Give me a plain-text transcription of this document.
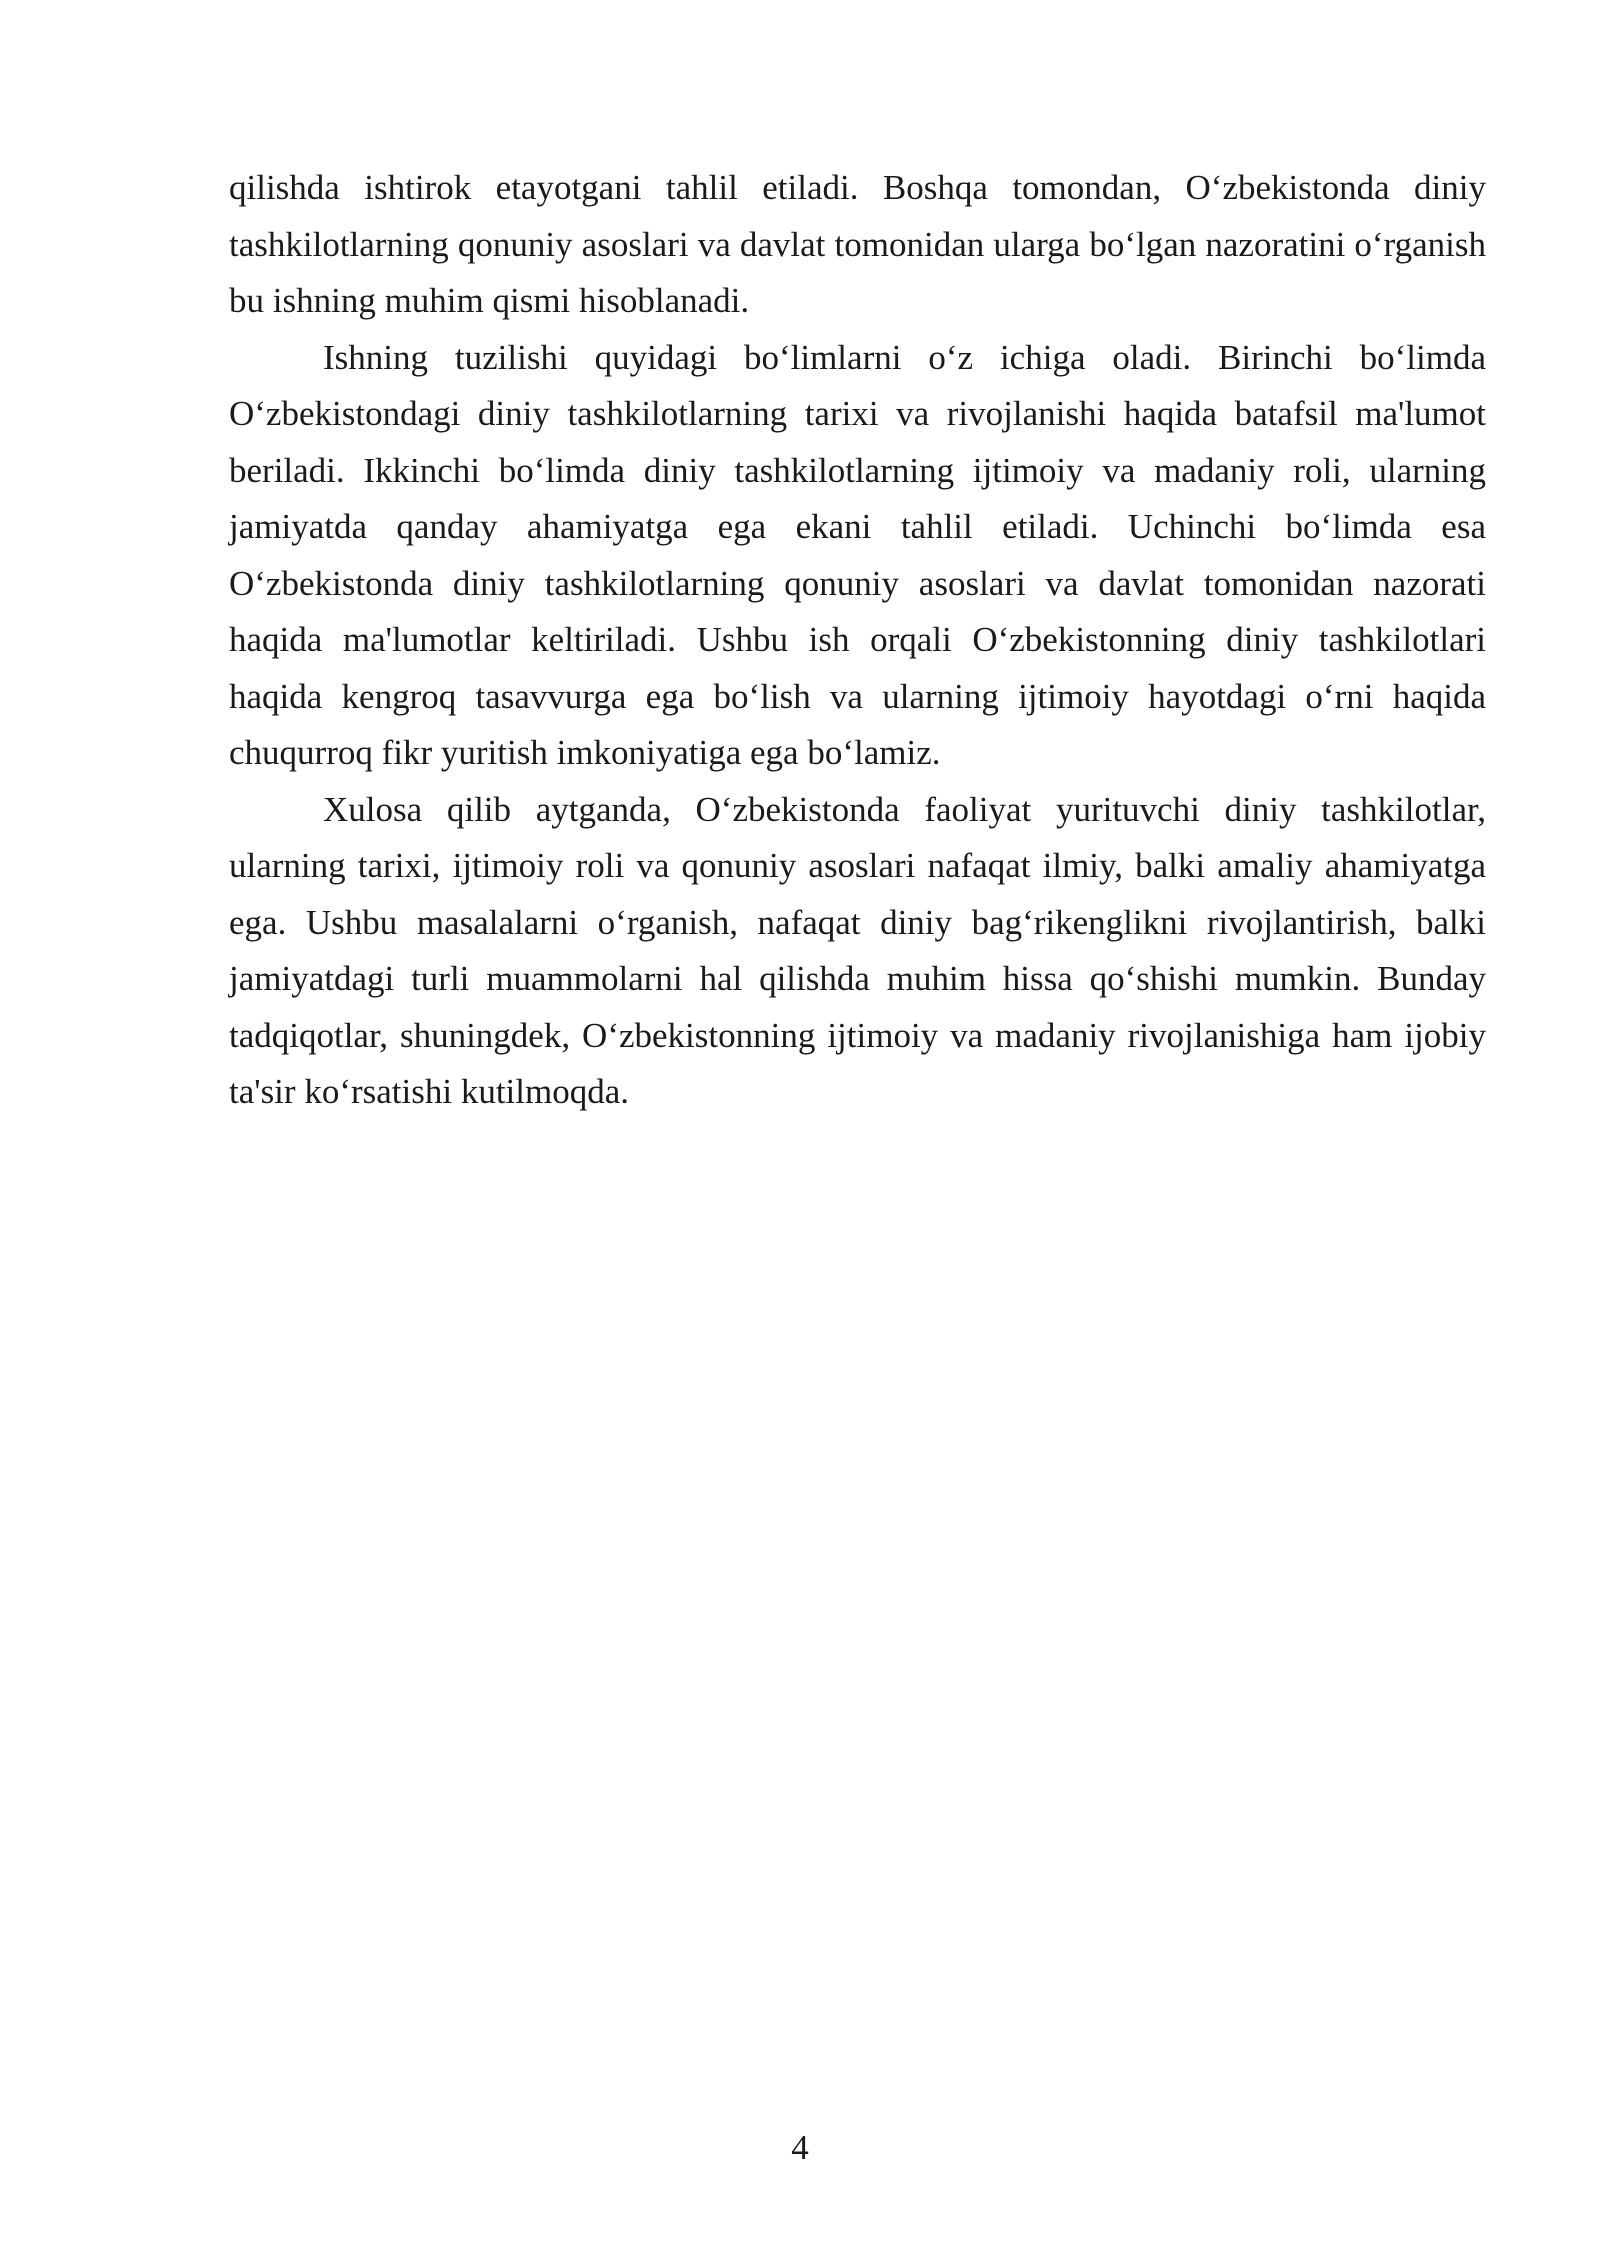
qilishda ishtirok etayotgani tahlil etiladi. Boshqa tomondan, O‘zbekistonda diniy tashkilotlarning qonuniy asoslari va davlat tomonidan ularga bo‘lgan nazoratini o‘rganish bu ishning muhim qismi hisoblanadi.

Ishning tuzilishi quyidagi bo‘limlarni o‘z ichiga oladi. Birinchi bo‘limda O‘zbekistondagi diniy tashkilotlarning tarixi va rivojlanishi haqida batafsil ma'lumot beriladi. Ikkinchi bo‘limda diniy tashkilotlarning ijtimoiy va madaniy roli, ularning jamiyatda qanday ahamiyatga ega ekani tahlil etiladi. Uchinchi bo‘limda esa O‘zbekistonda diniy tashkilotlarning qonuniy asoslari va davlat tomonidan nazorati haqida ma'lumotlar keltiriladi. Ushbu ish orqali O‘zbekistonning diniy tashkilotlari haqida kengroq tasavvurga ega bo‘lish va ularning ijtimoiy hayotdagi o‘rni haqida chuqurroq fikr yuritish imkoniyatiga ega bo‘lamiz.

Xulosa qilib aytganda, O‘zbekistonda faoliyat yurituvchi diniy tashkilotlar, ularning tarixi, ijtimoiy roli va qonuniy asoslari nafaqat ilmiy, balki amaliy ahamiyatga ega. Ushbu masalalarni o‘rganish, nafaqat diniy bag‘rikenglikni rivojlantirish, balki jamiyatdagi turli muammolarni hal qilishda muhim hissa qo‘shishi mumkin. Bunday tadqiqotlar, shuningdek, O‘zbekistonning ijtimoiy va madaniy rivojlanishiga ham ijobiy ta'sir ko‘rsatishi kutilmoqda.

4
